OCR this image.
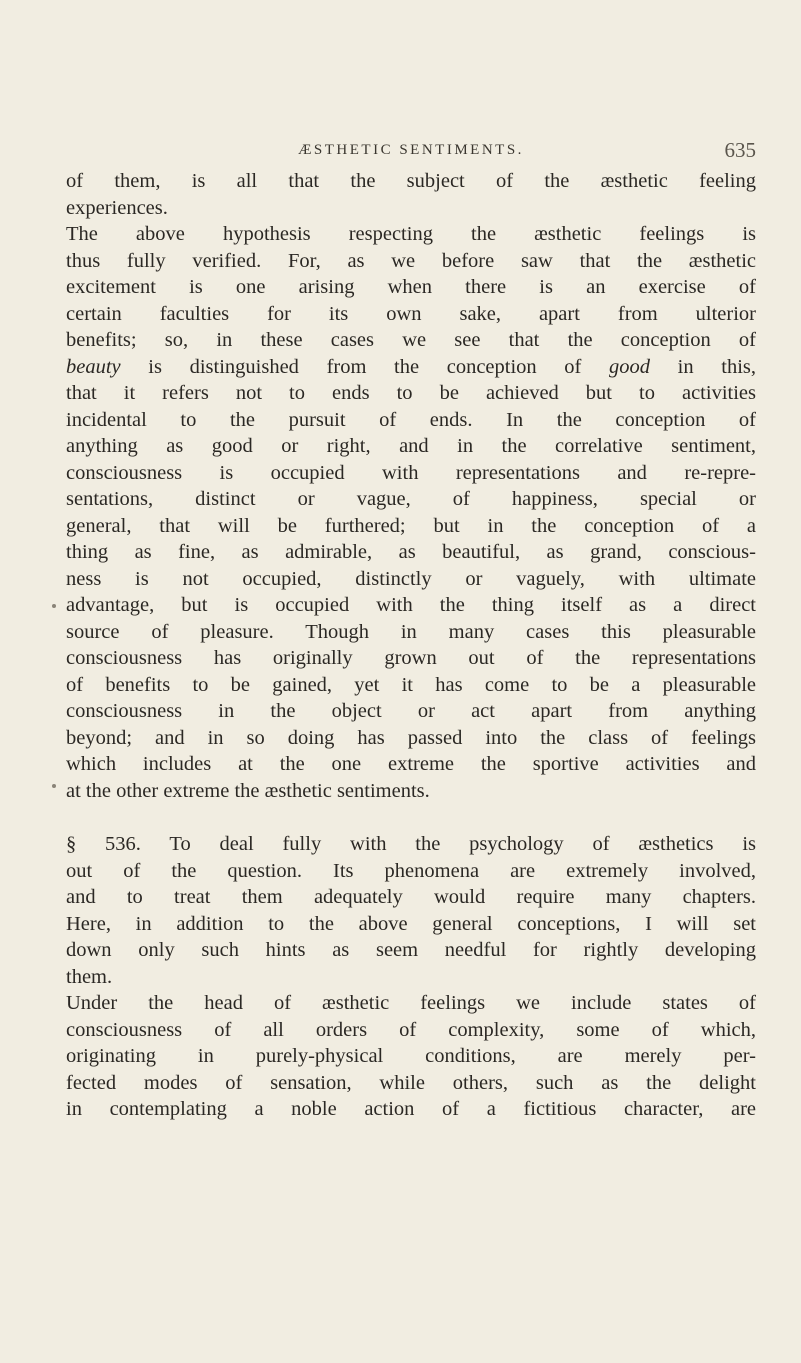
ÆSTHETIC SENTIMENTS.	635
of them, is all that the subject of the æsthetic feeling
experiences.
The above hypothesis respecting the æsthetic feelings is
thus fully verified. For, as we before saw that the æsthetic
excitement is one arising when there is an exercise of
certain faculties for its own sake, apart from ulterior
benefits; so, in these cases we see that the conception of
beauty is distinguished from the conception of good in this,
that it refers not to ends to be achieved but to activities
incidental to the pursuit of ends. In the conception of
anything as good or right, and in the correlative sentiment,
consciousness is occupied with representations and re-repre-
sentations, distinct or vague, of happiness, special or
general, that will be furthered; but in the conception of a
thing as fine, as admirable, as beautiful, as grand, conscious-
ness is not occupied, distinctly or vaguely, with ultimate
advantage, but is occupied with the thing itself as a direct
source of pleasure. Though in many cases this pleasurable
consciousness has originally grown out of the representations
of benefits to be gained, yet it has come to be a pleasurable
consciousness in the object or act apart from anything
beyond; and in so doing has passed into the class of feelings
which includes at the one extreme the sportive activities and
at the other extreme the æsthetic sentiments.
§ 536. To deal fully with the psychology of æsthetics is
out of the question. Its phenomena are extremely involved,
and to treat them adequately would require many chapters.
Here, in addition to the above general conceptions, I will set
down only such hints as seem needful for rightly developing
them.
Under the head of æsthetic feelings we include states of
consciousness of all orders of complexity, some of which,
originating in purely-physical conditions, are merely per-
fected modes of sensation, while others, such as the delight
in contemplating a noble action of a fictitious character, are
